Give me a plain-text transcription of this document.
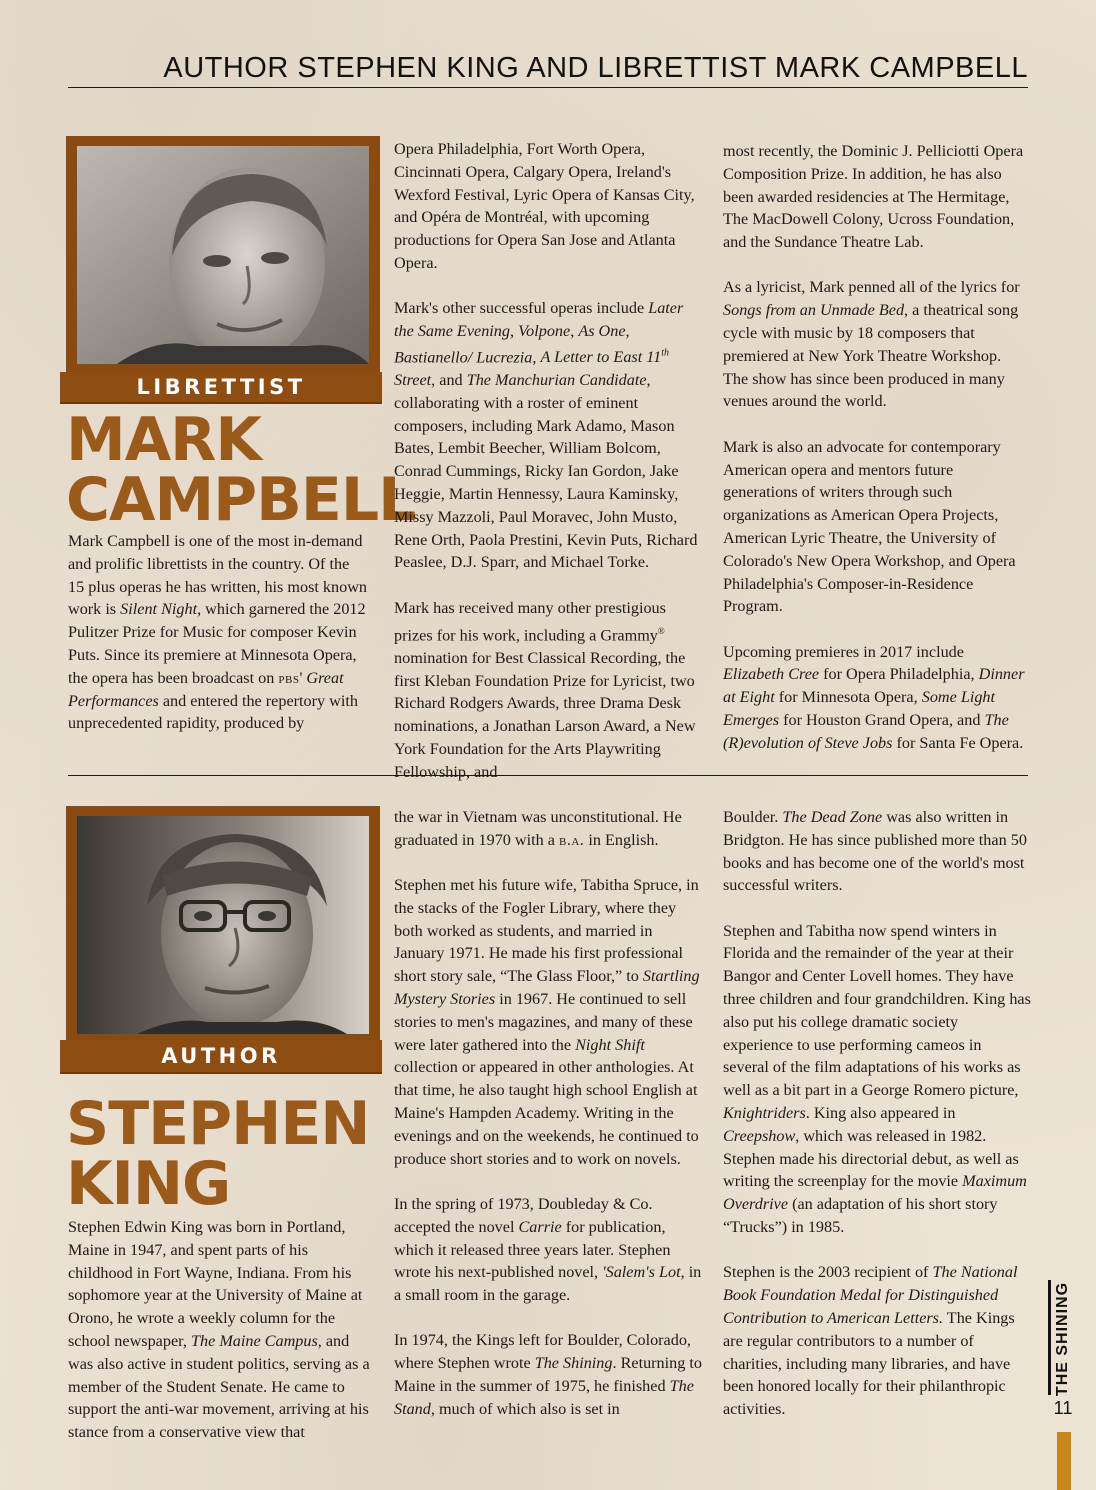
AUTHOR STEPHEN KING AND LIBRETTIST MARK CAMPBELL
LIBRETTIST
MARK
CAMPBELL

Mark Campbell is one of the most in-demand and prolific librettists in the country. Of the 15 plus operas he has written, his most known work is Silent Night, which garnered the 2012 Pulitzer Prize for Music for composer Kevin Puts. Since its premiere at Minnesota Opera, the opera has been broadcast on pbs' Great Performances and entered the repertory with unprecedented rapidity, produced by

Opera Philadelphia, Fort Worth Opera, Cincinnati Opera, Calgary Opera, Ireland's Wexford Festival, Lyric Opera of Kansas City, and Opéra de Montréal, with upcoming productions for Opera San Jose and Atlanta Opera.

Mark's other successful operas include Later the Same Evening, Volpone, As One, Bastianello/ Lucrezia, A Letter to East 11th Street, and The Manchurian Candidate, collaborating with a roster of eminent composers, including Mark Adamo, Mason Bates, Lembit Beecher, William Bolcom, Conrad Cummings, Ricky Ian Gordon, Jake Heggie, Martin Hennessy, Laura Kaminsky, Missy Mazzoli, Paul Moravec, John Musto, Rene Orth, Paola Prestini, Kevin Puts, Richard Peaslee, D.J. Sparr, and Michael Torke.

Mark has received many other prestigious prizes for his work, including a Grammy® nomination for Best Classical Recording, the first Kleban Foundation Prize for Lyricist, two Richard Rodgers Awards, three Drama Desk nominations, a Jonathan Larson Award, a New York Foundation for the Arts Playwriting Fellowship, and

most recently, the Dominic J. Pelliciotti Opera Composition Prize. In addition, he has also been awarded residencies at The Hermitage, The MacDowell Colony, Ucross Foundation, and the Sundance Theatre Lab.

As a lyricist, Mark penned all of the lyrics for Songs from an Unmade Bed, a theatrical song cycle with music by 18 composers that premiered at New York Theatre Workshop. The show has since been produced in many venues around the world.

Mark is also an advocate for contemporary American opera and mentors future generations of writers through such organizations as American Opera Projects, American Lyric Theatre, the University of Colorado's New Opera Workshop, and Opera Philadelphia's Composer-in-Residence Program.

Upcoming premieres in 2017 include Elizabeth Cree for Opera Philadelphia, Dinner at Eight for Minnesota Opera, Some Light Emerges for Houston Grand Opera, and The (R)evolution of Steve Jobs for Santa Fe Opera.

AUTHOR
STEPHEN
KING

Stephen Edwin King was born in Portland, Maine in 1947, and spent parts of his childhood in Fort Wayne, Indiana. From his sophomore year at the University of Maine at Orono, he wrote a weekly column for the school newspaper, The Maine Campus, and was also active in student politics, serving as a member of the Student Senate. He came to support the anti-war movement, arriving at his stance from a conservative view that

the war in Vietnam was unconstitutional. He graduated in 1970 with a b.a. in English.

Stephen met his future wife, Tabitha Spruce, in the stacks of the Fogler Library, where they both worked as students, and married in January 1971. He made his first professional short story sale, “The Glass Floor,” to Startling Mystery Stories in 1967. He continued to sell stories to men's magazines, and many of these were later gathered into the Night Shift collection or appeared in other anthologies. At that time, he also taught high school English at Maine's Hampden Academy. Writing in the evenings and on the weekends, he continued to produce short stories and to work on novels.

In the spring of 1973, Doubleday & Co. accepted the novel Carrie for publication, which it released three years later. Stephen wrote his next-published novel, 'Salem's Lot, in a small room in the garage.

In 1974, the Kings left for Boulder, Colorado, where Stephen wrote The Shining. Returning to Maine in the summer of 1975, he finished The Stand, much of which also is set in

Boulder. The Dead Zone was also written in Bridgton. He has since published more than 50 books and has become one of the world's most successful writers.

Stephen and Tabitha now spend winters in Florida and the remainder of the year at their Bangor and Center Lovell homes. They have three children and four grandchildren. King has also put his college dramatic society experience to use performing cameos in several of the film adaptations of his works as well as a bit part in a George Romero picture, Knightriders. King also appeared in Creepshow, which was released in 1982. Stephen made his directorial debut, as well as writing the screenplay for the movie Maximum Overdrive (an adaptation of his short story “Trucks”) in 1985.

Stephen is the 2003 recipient of The National Book Foundation Medal for Distinguished Contribution to American Letters. The Kings are regular contributors to a number of charities, including many libraries, and have been honored locally for their philanthropic activities.

THE SHINING
11
